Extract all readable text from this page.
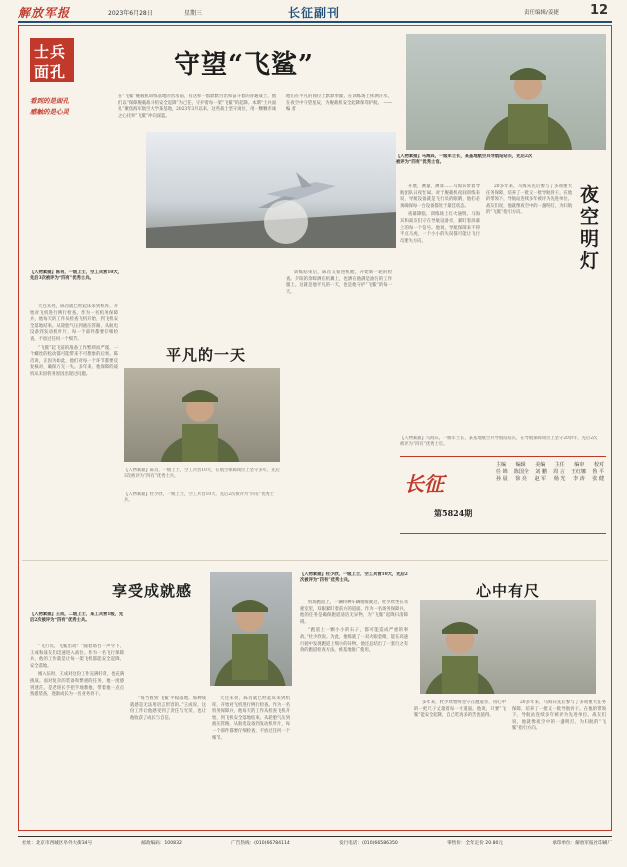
解放军报	2023年6月28日	星期三	长征副刊	责任编辑/姜捷 12
士兵
面孔
看到的是面孔
感触的是心灵
守望“飞鲨”
在“飞鲨”舰载机训练基地的营房前，有这样一群默默付出和奋斗着的普通战士，他们以“保障舰载战斗机安全起降”为己任，守护着每一架“飞鲨”的起降。本期“士兵面孔”聚焦海军航空大学某基地，2023年3月以来，这些战士坚守岗位，用一颗颗赤诚之心托举“飞鲨”冲向深蓝。
他们在平凡的岗位上默默奉献，在训练场上挥洒汗水，在夜空中守望星辰，为舰载机安全起降保驾护航。 ——编 者
【人物素描】马海宾，一级军士长，某基地航空兵导航站站长，先后2次被评为“四有”优秀士官。
夜空明灯

开展，测量、测算……马海宾带着导航团队日夜忙碌。对于舰载机夜间训练来说，导航设备就是飞行员的眼睛，他们必须确保每一台设备都处于最佳状态。

夜幕降临，训练场上灯火通明。马海宾和战友们守在导航设备旁，紧盯着屏幕上的每一个信号。他说，导航保障来不得半点马虎，一个小小的失误都可能让飞行员迷失方向。

20多年来，马海宾先后参与了多项重大任务保障，培养了一批又一批导航骨干。在他的带领下，导航站连续多年被评为先进单位。战友们说，他就像夜空中的一盏明灯，为归航的“飞鲨”指引方向。

平凡的一天
【人物素描】陈肖，一级上士，空工兵营10大，先后3次被评为“四有”优秀士兵。

天还未亮，陈肖就已经起床来到机库，开始对飞机进行例行检查。作为一名机务保障兵，他每天的工作从检查飞机开始，到飞机安全落地结束。从轮胎气压到液压管路，从航电设备到发动机叶片，每一个部件都要仔细检查，不放过任何一个细节。

“飞鲨”起飞前的准备工作繁琐而严谨，一个螺丝的松动都可能带来不可想象的后果。陈肖说，正因为如此，他们对每一个环节都要反复核对，确保万无一失。多年来，他保障的战机从未因机务原因出现过问题。

训练结束后，陈肖又钻进机舱，开始新一轮的检查。夕阳的余晖洒在机翼上，也洒在他满是油污的工作服上。这就是他平凡的一天，也是他守护“飞鲨”的每一天。

长征
第5824期
主编 编辑 美编 主任 编审 校对
任 锦 陈国全 刘 鹏 周 言 王红娜 鲁 平
孙 晨 徐 亮 赵 军 杨 光 李 涛 张 健
享受成就感
【人物素描】王成，二级上士，某工兵营1级，先后2次被评为“四有”优秀士兵。

“飞行员，飞鲨出动！”随着塔台一声令下，王成和战友们迅速进入战位。作为一名飞行保障兵，他的工作就是让每一架飞机都能安全起降、安全落地。

刚入伍时，王成对这份工作充满好奇，也充满挑战。面对复杂的装备和繁重的任务，他一度感到迷茫。是老班长手把手地教他，带着他一点点熟悉装备，逐渐成长为一名业务骨干。

“每当看到‘飞鲨’平稳落地，那种成就感是无法用语言形容的。”王成说，这份工作让他感受到了责任与光荣，也让他收获了成长与自信。

天还未亮，陈肖就已经起床来到机库，开始对飞机进行例行检查。作为一名机务保障兵，他每天的工作从检查飞机开始，到飞机安全落地结束。从轮胎气压到液压管路，从航电设备到发动机叶片，每一个部件都要仔细检查，不放过任何一个细节。

【人物素描】杜少欣，一级上士，空工兵营10大，先后2次被评为“四有”优秀士兵。
心中有尺

机场跑道上，一辆特种车辆缓缓驶过。杜少欣坐在驾驶室里，双眼紧盯着前方的道面。作为一名场务保障兵，他的任务是确保跑道清洁无异物，为“飞鲨”起降扫清障碍。

“跑道上一颗小小的石子，都可能造成严重的事故。”杜少欣说。为此，他练就了一双火眼金睛，能在高速行驶中发现跑道上细小的异物。他还总结出了一套行之有效的跑道检查方法，被基地推广使用。

多年来，杜少欣始终坚守在跑道旁，用心中的一把尺子丈量着每一寸道面。他说，只要“飞鲨”能安全起降，自己吃再多的苦也值得。

20多年来，马海宾先后参与了多项重大任务保障，培养了一批又一批导航骨干。在他的带领下，导航站连续多年被评为先进单位。战友们说，他就像夜空中的一盏明灯，为归航的“飞鲨”指引方向。

【人物素描】马海宾，一级军士长，某基地航空兵导航站站长，在导航保障岗位上坚守20余年，先后2次被评为“四有”优秀士官。
【人物素描】陈肖，一级上士，空工兵营10大，在航空保障岗位上坚守多年，先后3次被评为“四有”优秀士兵。
【人物素描】杜少欣，一级上士，空工兵营10大，先后2次被评为“四有”优秀士兵。
社址：北京市西城区阜外大街34号	邮政编码：100832	广告热线：(010)66784114	发行电话：(010)66586350	零售价：全年定价 20.80元	承印单位：解放军报社印刷厂
